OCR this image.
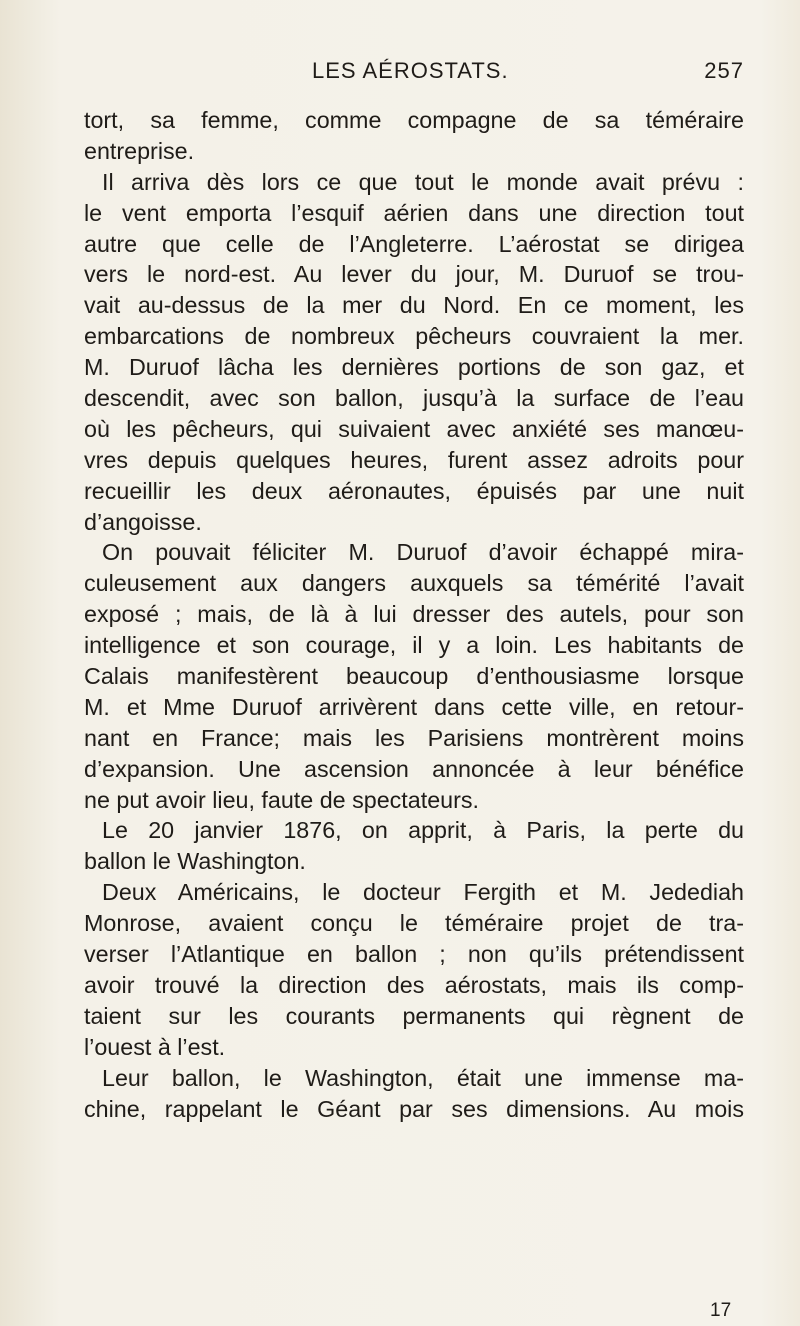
LES AÉROSTATS.	257
tort, sa femme, comme compagne de sa téméraire
entreprise.
Il arriva dès lors ce que tout le monde avait prévu :
le vent emporta l’esquif aérien dans une direction tout
autre que celle de l’Angleterre. L’aérostat se dirigea
vers le nord-est. Au lever du jour, M. Duruof se trou-
vait au-dessus de la mer du Nord. En ce moment, les
embarcations de nombreux pêcheurs couvraient la mer.
M. Duruof lâcha les dernières portions de son gaz, et
descendit, avec son ballon, jusqu’à la surface de l’eau
où les pêcheurs, qui suivaient avec anxiété ses manœu-
vres depuis quelques heures, furent assez adroits pour
recueillir les deux aéronautes, épuisés par une nuit
d’angoisse.
On pouvait féliciter M. Duruof d’avoir échappé mira-
culeusement aux dangers auxquels sa témérité l’avait
exposé ; mais, de là à lui dresser des autels, pour son
intelligence et son courage, il y a loin. Les habitants de
Calais manifestèrent beaucoup d’enthousiasme lorsque
M. et Mme Duruof arrivèrent dans cette ville, en retour-
nant en France; mais les Parisiens montrèrent moins
d’expansion. Une ascension annoncée à leur bénéfice
ne put avoir lieu, faute de spectateurs.
Le 20 janvier 1876, on apprit, à Paris, la perte du
ballon le Washington.
Deux Américains, le docteur Fergith et M. Jedediah
Monrose, avaient conçu le téméraire projet de tra-
verser l’Atlantique en ballon ; non qu’ils prétendissent
avoir trouvé la direction des aérostats, mais ils comp-
taient sur les courants permanents qui règnent de
l’ouest à l’est.
Leur ballon, le Washington, était une immense ma-
chine, rappelant le Géant par ses dimensions. Au mois
17
